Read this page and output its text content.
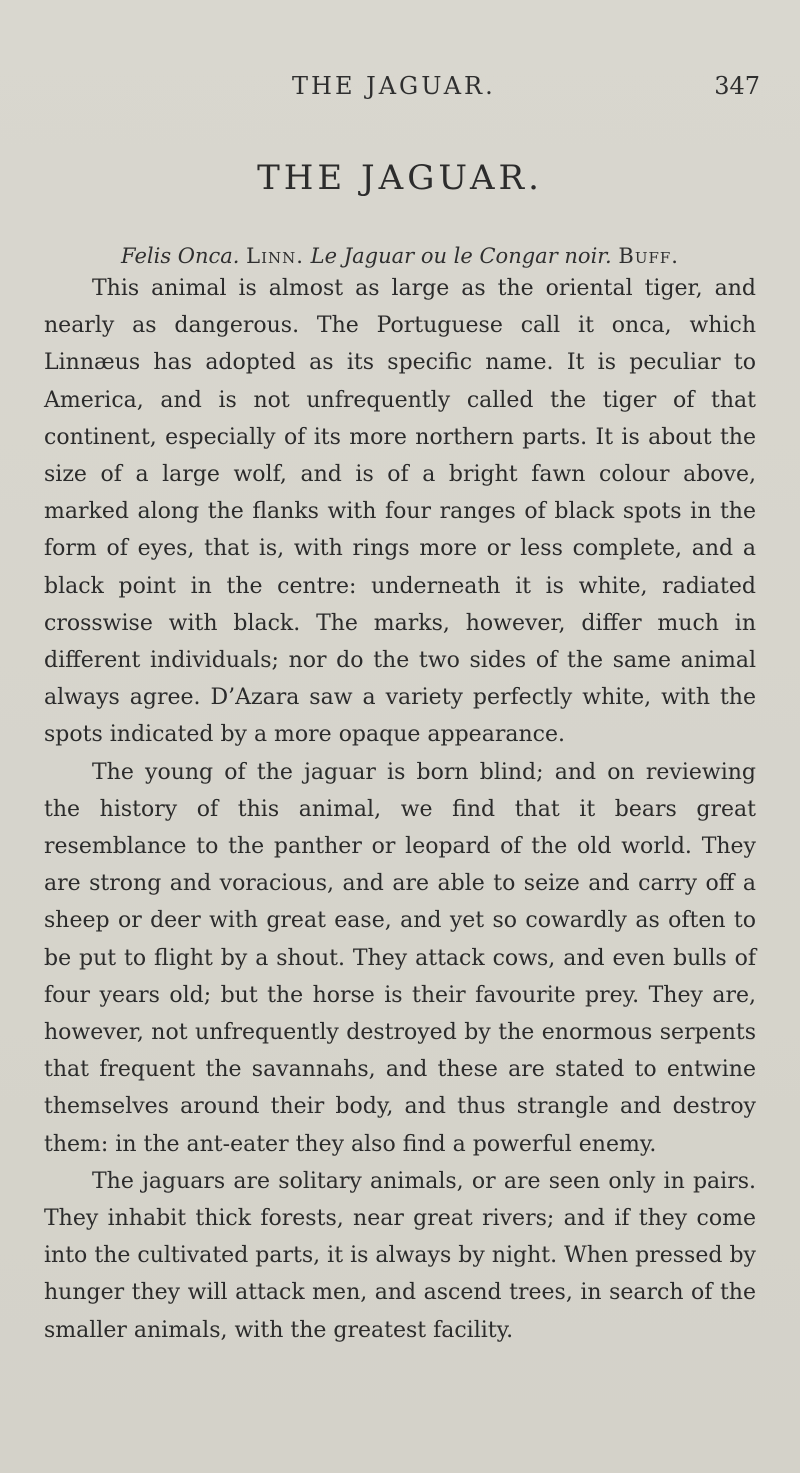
THE JAGUAR.	347
THE JAGUAR.
Felis Onca. Linn. Le Jaguar ou le Congar noir. Buff.

This animal is almost as large as the oriental tiger, and nearly as dangerous. The Portuguese call it onca, which Linnæus has adopted as its specific name. It is peculiar to America, and is not unfrequently called the tiger of that continent, especially of its more northern parts. It is about the size of a large wolf, and is of a bright fawn colour above, marked along the flanks with four ranges of black spots in the form of eyes, that is, with rings more or less complete, and a black point in the centre: underneath it is white, radiated crosswise with black. The marks, however, differ much in different individuals; nor do the two sides of the same animal always agree. D’Azara saw a variety perfectly white, with the spots indicated by a more opaque appearance.

The young of the jaguar is born blind; and on reviewing the history of this animal, we find that it bears great resemblance to the panther or leopard of the old world. They are strong and voracious, and are able to seize and carry off a sheep or deer with great ease, and yet so cowardly as often to be put to flight by a shout. They attack cows, and even bulls of four years old; but the horse is their favourite prey. They are, however, not unfrequently destroyed by the enormous serpents that frequent the savannahs, and these are stated to entwine themselves around their body, and thus strangle and destroy them: in the ant-eater they also find a powerful enemy.

The jaguars are solitary animals, or are seen only in pairs. They inhabit thick forests, near great rivers; and if they come into the cultivated parts, it is always by night. When pressed by hunger they will attack men, and ascend trees, in search of the smaller animals, with the greatest facility.
